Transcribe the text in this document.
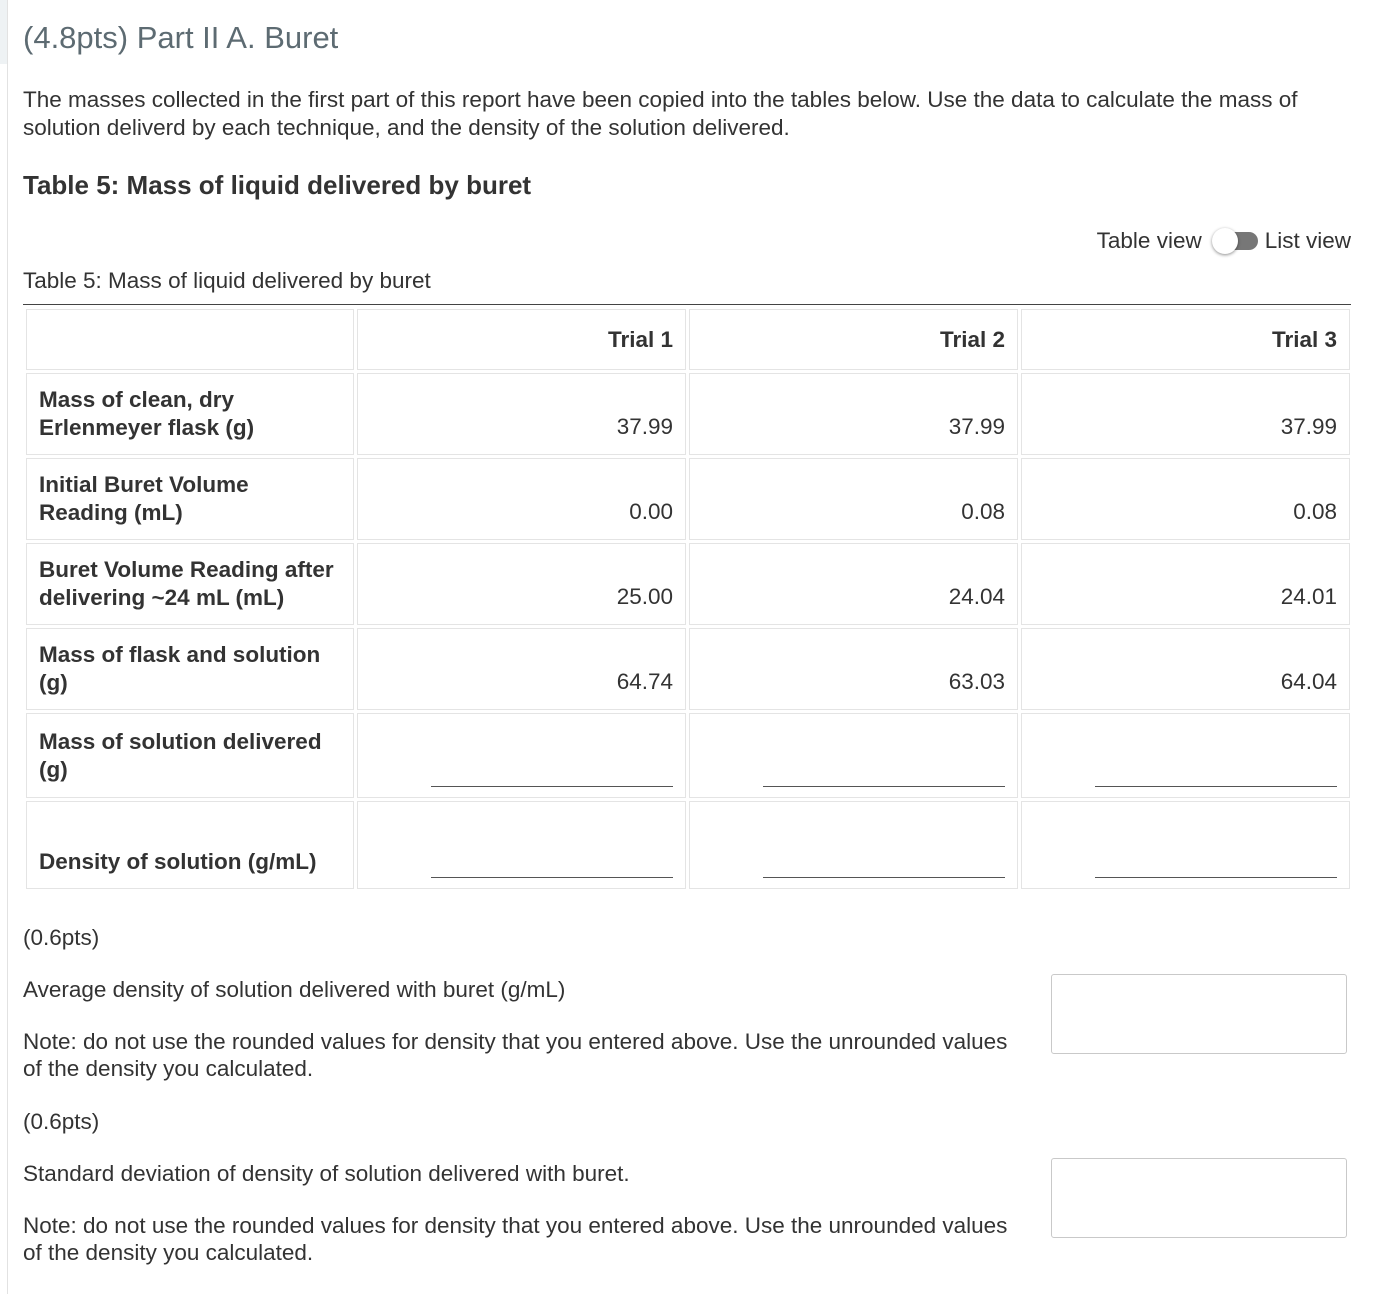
(4.8pts) Part II A. Buret
The masses collected in the first part of this report have been copied into the tables below. Use the data to calculate the mass of solution deliverd by each technique, and the density of the solution delivered.
Table 5: Mass of liquid delivered by buret
Table view	List view
Table 5: Mass of liquid delivered by buret
	Trial 1	Trial 2	Trial 3
Mass of clean, dry Erlenmeyer flask (g)	37.99	37.99	37.99
Initial Buret Volume Reading (mL)	0.00	0.08	0.08
Buret Volume Reading after delivering ~24 mL (mL)	25.00	24.04	24.01
Mass of flask and solution (g)	64.74	63.03	64.04
Mass of solution delivered (g)	

Density of solution (g/mL)	

(0.6pts)
Average density of solution delivered with buret (g/mL)
Note: do not use the rounded values for density that you entered above. Use the unrounded values of the density you calculated.
(0.6pts)
Standard deviation of density of solution delivered with buret.
Note: do not use the rounded values for density that you entered above. Use the unrounded values of the density you calculated.
